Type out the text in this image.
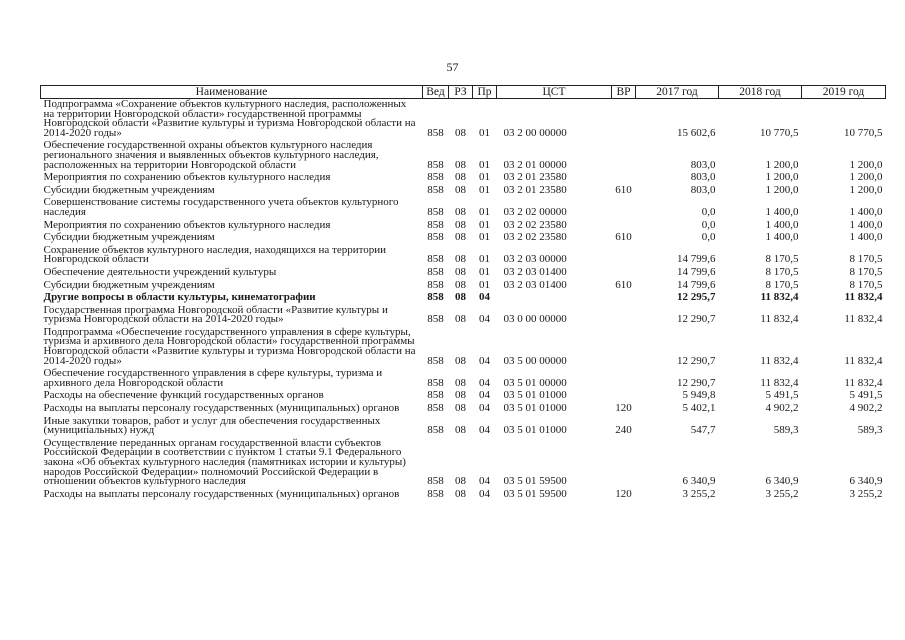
57
Наименование	Вед	РЗ	Пр	ЦСТ	ВР	2017 год	2018 год	2019 год
Подпрограмма «Сохранение объектов культурного наследия, расположенных на территории Новгородской области» государственной программы Новгородской области «Развитие культуры и туризма Новгородской области на 2014-2020 годы»	858	08	01	03 2 00 00000		15 602,6	10 770,5	10 770,5
Обеспечение государственной охраны объектов культурного наследия регионального значения и выявленных объектов культурного наследия, расположенных на территории Новгородской области	858	08	01	03 2 01 00000		803,0	1 200,0	1 200,0
Мероприятия по сохранению объектов культурного наследия	858	08	01	03 2 01 23580		803,0	1 200,0	1 200,0
Субсидии бюджетным учреждениям	858	08	01	03 2 01 23580	610	803,0	1 200,0	1 200,0
Совершенствование системы государственного учета объектов культурного наследия	858	08	01	03 2 02 00000		0,0	1 400,0	1 400,0
Мероприятия по сохранению объектов культурного наследия	858	08	01	03 2 02 23580		0,0	1 400,0	1 400,0
Субсидии бюджетным учреждениям	858	08	01	03 2 02 23580	610	0,0	1 400,0	1 400,0
Сохранение объектов культурного наследия, находящихся на территории Новгородской области	858	08	01	03 2 03 00000		14 799,6	8 170,5	8 170,5
Обеспечение деятельности учреждений культуры	858	08	01	03 2 03 01400		14 799,6	8 170,5	8 170,5
Субсидии бюджетным учреждениям	858	08	01	03 2 03 01400	610	14 799,6	8 170,5	8 170,5
Другие вопросы в области культуры, кинематографии	858	08	04			12 295,7	11 832,4	11 832,4
Государственная программа Новгородской области «Развитие культуры и туризма Новгородской области на 2014-2020 годы»	858	08	04	03 0 00 00000		12 290,7	11 832,4	11 832,4
Подпрограмма «Обеспечение государственного управления в сфере культуры, туризма и архивного дела Новгородской области» государственной программы Новгородской области «Развитие культуры и туризма Новгородской области на 2014-2020 годы»	858	08	04	03 5 00 00000		12 290,7	11 832,4	11 832,4
Обеспечение государственного управления в сфере культуры, туризма и архивного дела Новгородской области	858	08	04	03 5 01 00000		12 290,7	11 832,4	11 832,4
Расходы на обеспечение функций государственных органов	858	08	04	03 5 01 01000		5 949,8	5 491,5	5 491,5
Расходы на выплаты персоналу государственных (муниципальных) органов	858	08	04	03 5 01 01000	120	5 402,1	4 902,2	4 902,2
Иные закупки товаров, работ и услуг для обеспечения государственных (муниципальных) нужд	858	08	04	03 5 01 01000	240	547,7	589,3	589,3
Осуществление переданных органам государственной власти субъектов Российской Федерации в соответствии с пунктом 1 статьи 9.1 Федерального закона «Об объектах культурного наследия (памятниках истории и культуры) народов Российской Федерации» полномочий Российской Федерации в отношении объектов культурного наследия	858	08	04	03 5 01 59500		6 340,9	6 340,9	6 340,9
Расходы на выплаты персоналу государственных (муниципальных) органов	858	08	04	03 5 01 59500	120	3 255,2	3 255,2	3 255,2
